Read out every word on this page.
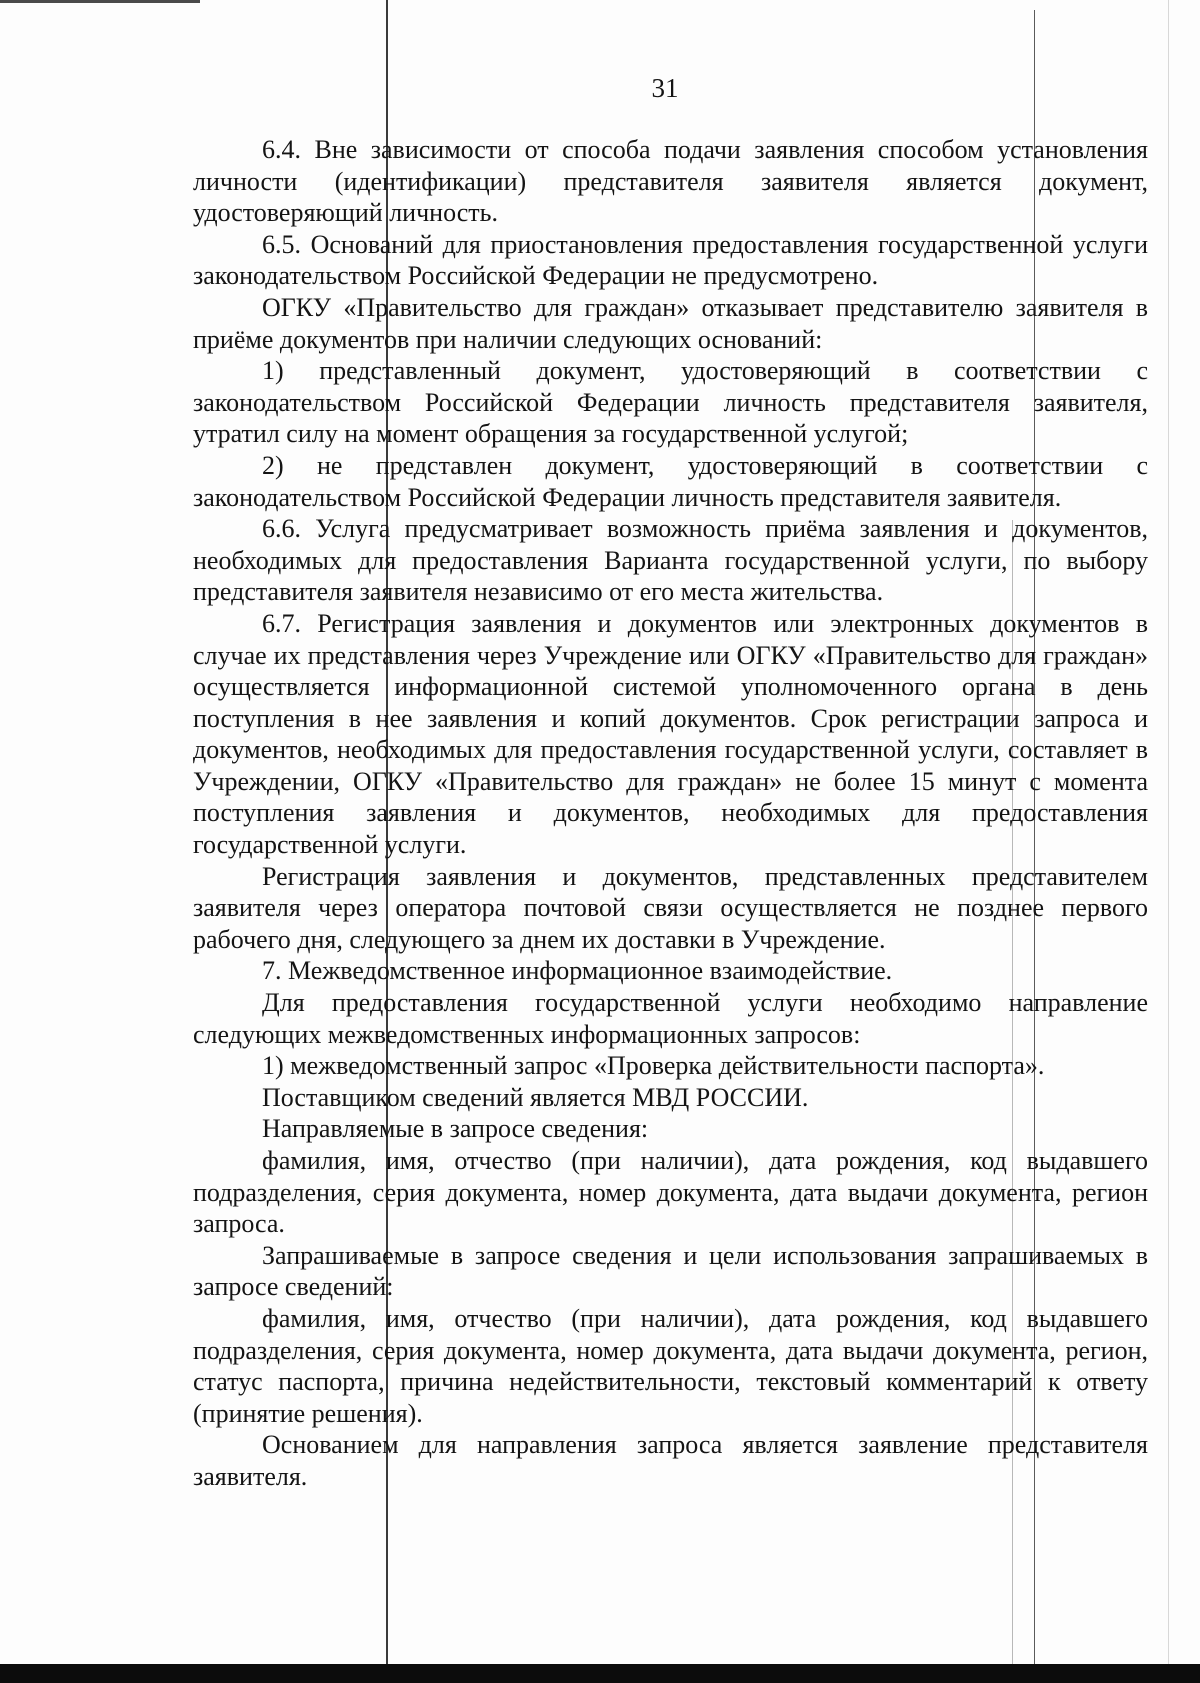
31

6.4. Вне зависимости от способа подачи заявления способом установления личности (идентификации) представителя заявителя является документ, удостоверяющий личность.

6.5. Оснований для приостановления предоставления государственной услуги законодательством Российской Федерации не предусмотрено.

ОГКУ «Правительство для граждан» отказывает представителю заявителя в приёме документов при наличии следующих оснований:

1) представленный документ, удостоверяющий в соответствии с законодательством Российской Федерации личность представителя заявителя, утратил силу на момент обращения за государственной услугой;

2) не представлен документ, удостоверяющий в соответствии с законодательством Российской Федерации личность представителя заявителя.

6.6. Услуга предусматривает возможность приёма заявления и документов, необходимых для предоставления Варианта государственной услуги, по выбору представителя заявителя независимо от его места жительства.

6.7. Регистрация заявления и документов или электронных документов в случае их представления через Учреждение или ОГКУ «Правительство для граждан» осуществляется информационной системой уполномоченного органа в день поступления в нее заявления и копий документов. Срок регистрации запроса и документов, необходимых для предоставления государственной услуги, составляет в Учреждении, ОГКУ «Правительство для граждан» не более 15 минут с момента поступления заявления и документов, необходимых для предоставления государственной услуги.

Регистрация заявления и документов, представленных представителем заявителя через оператора почтовой связи осуществляется не позднее первого рабочего дня, следующего за днем их доставки в Учреждение.

7. Межведомственное информационное взаимодействие.

Для предоставления государственной услуги необходимо направление следующих межведомственных информационных запросов:

1) межведомственный запрос «Проверка действительности паспорта».

Поставщиком сведений является МВД РОССИИ.

Направляемые в запросе сведения:

фамилия, имя, отчество (при наличии), дата рождения, код выдавшего подразделения, серия документа, номер документа, дата выдачи документа, регион запроса.

Запрашиваемые в запросе сведения и цели использования запрашиваемых в запросе сведений:

фамилия, имя, отчество (при наличии), дата рождения, код выдавшего подразделения, серия документа, номер документа, дата выдачи документа, регион, статус паспорта, причина недействительности, текстовый комментарий к ответу (принятие решения).

Основанием для направления запроса является заявление представителя заявителя.
